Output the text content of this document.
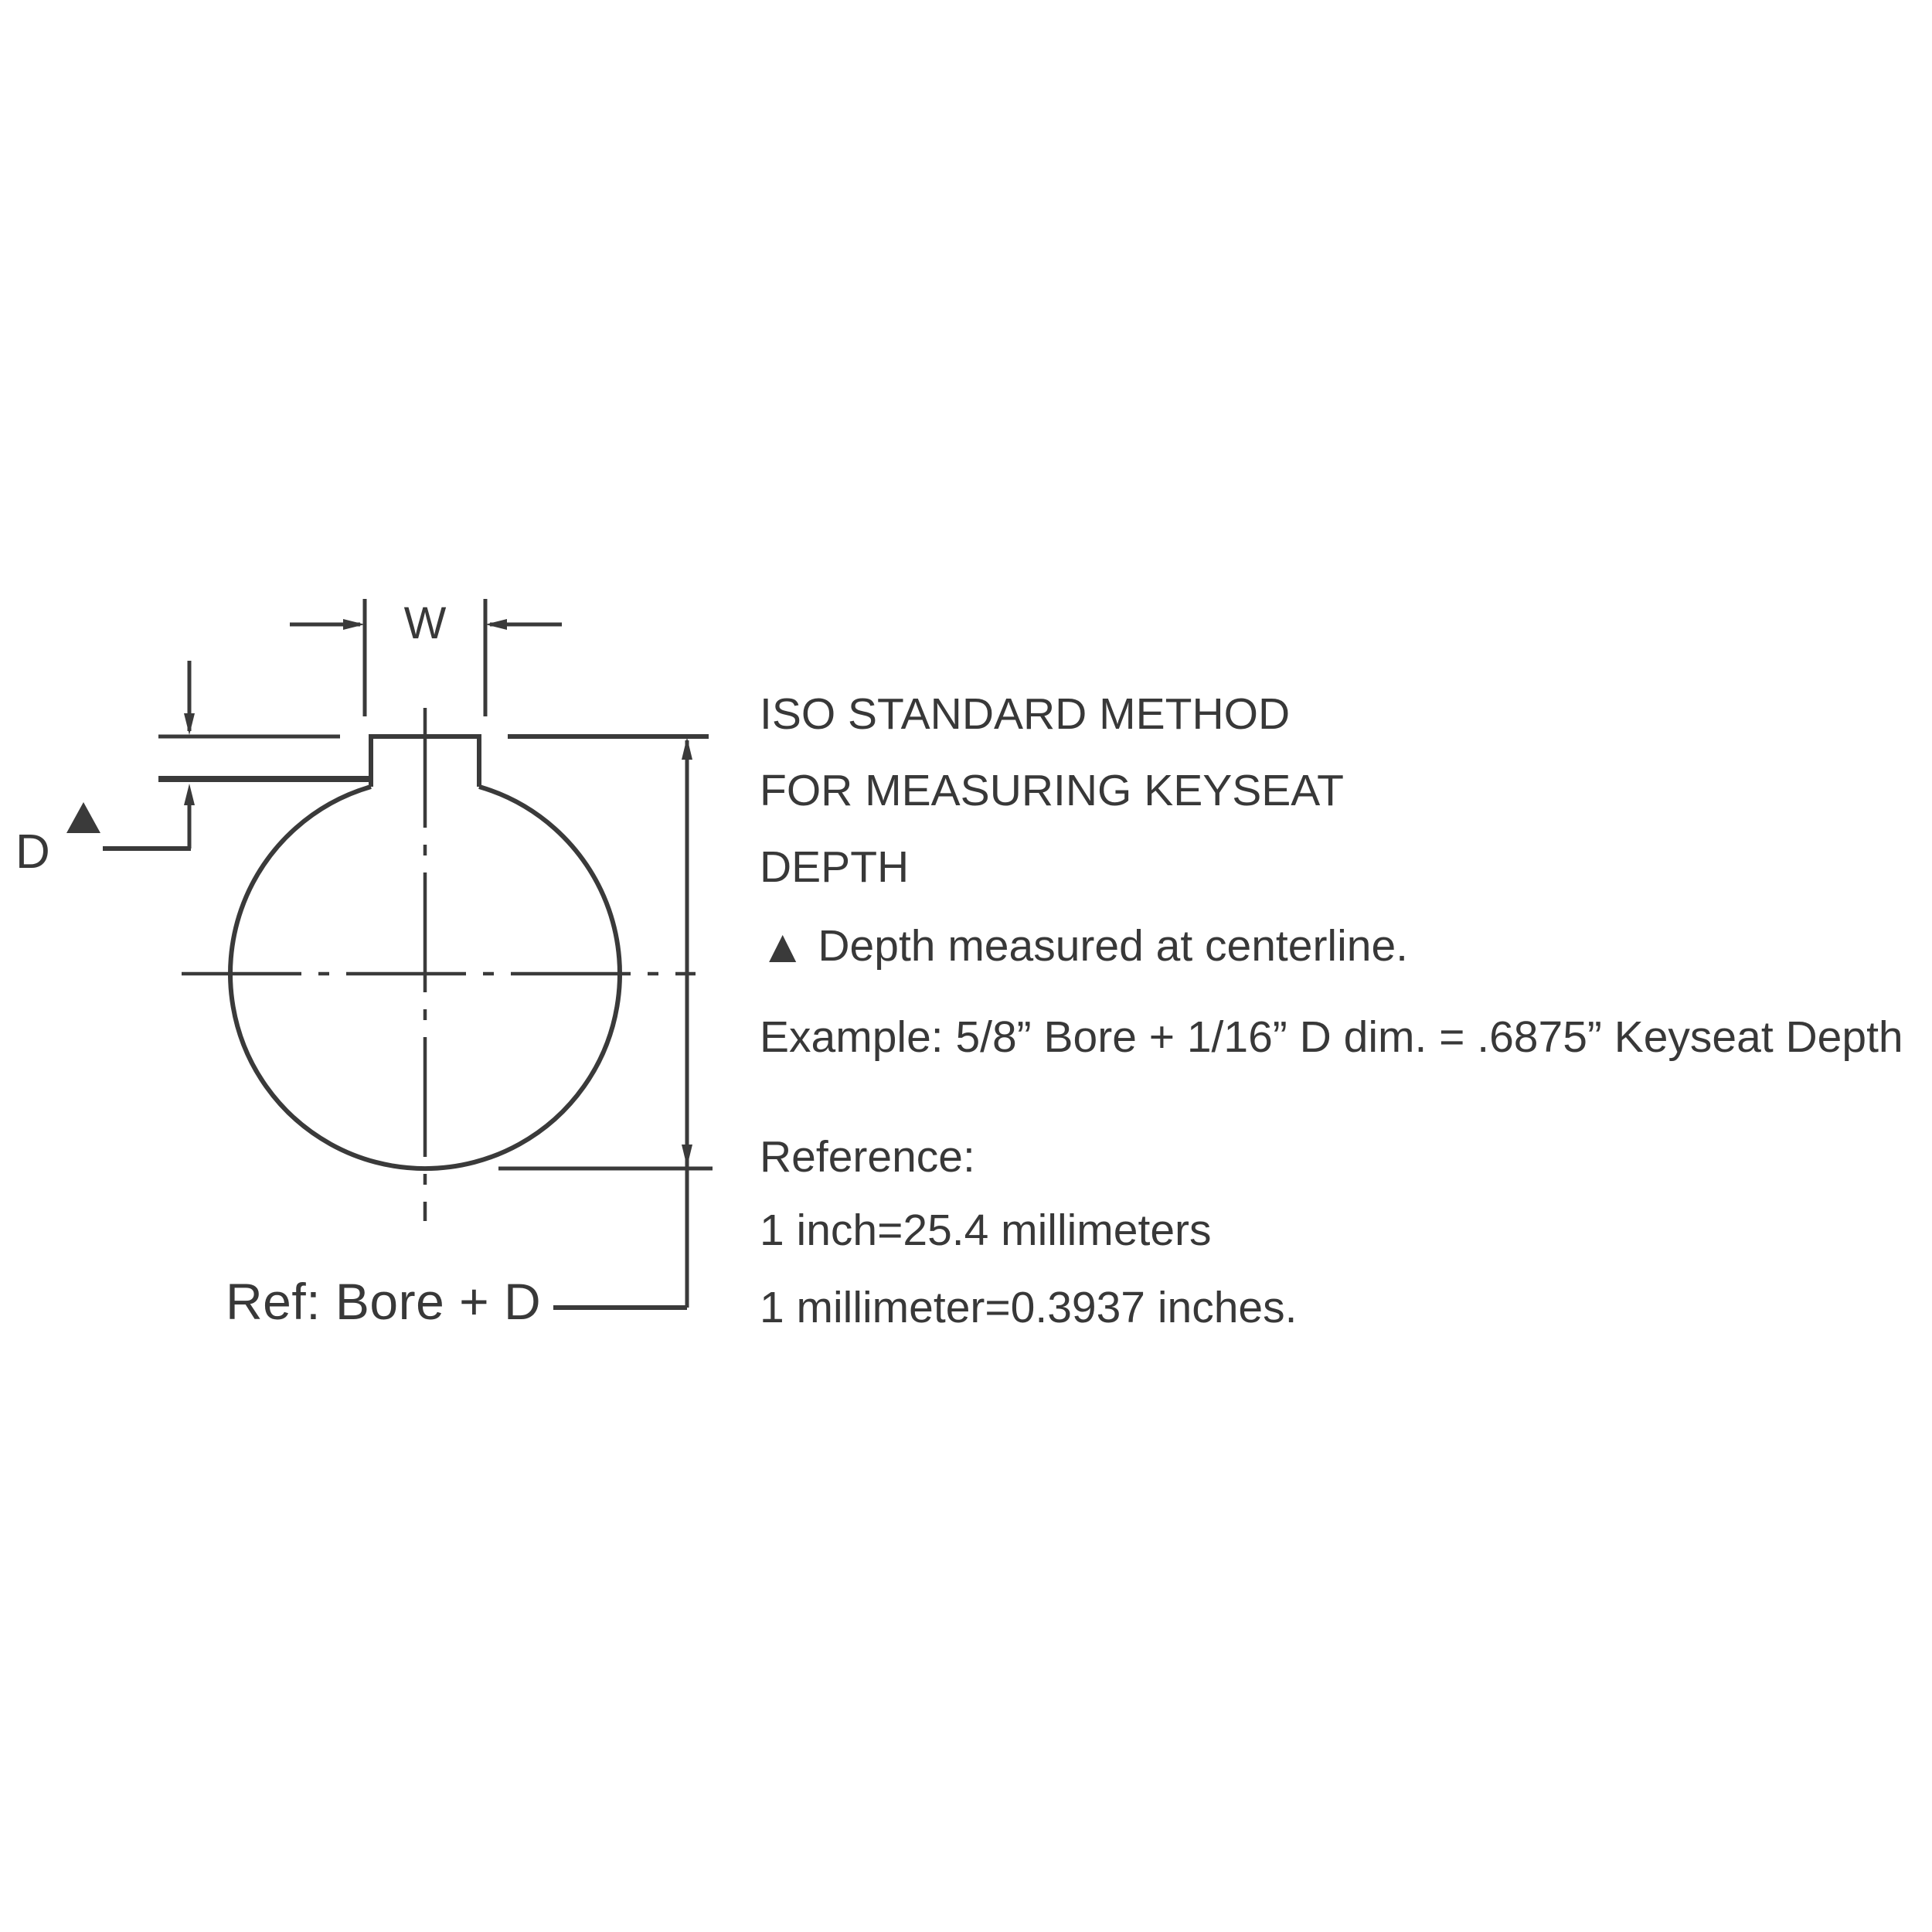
W
D
Ref: Bore + D
ISO STANDARD METHOD
FOR MEASURING KEYSEAT
DEPTH
▲ Depth measured at centerline.
Example: 5/8” Bore + 1/16” D dim. = .6875” Keyseat Depth
Reference:
1 inch=25.4 millimeters
1 millimeter=0.3937 inches.
